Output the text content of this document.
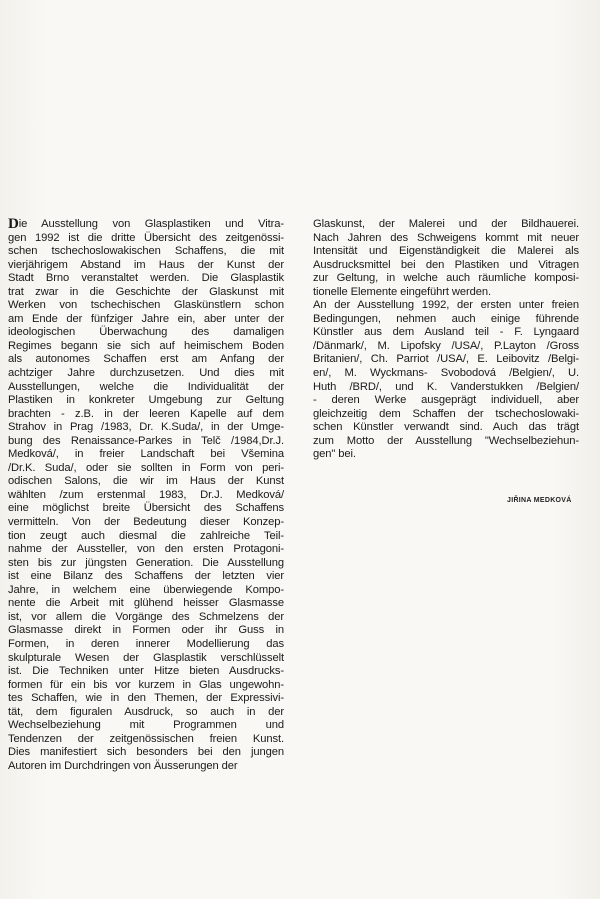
Die Ausstellung von Glasplastiken und Vitra-
gen 1992 ist die dritte Übersicht des zeitgenössi-
schen tschechoslowakischen Schaffens, die mit
vierjährigem Abstand im Haus der Kunst der
Stadt Brno veranstaltet werden. Die Glasplastik
trat zwar in die Geschichte der Glaskunst mit
Werken von tschechischen Glaskünstlern schon
am Ende der fünfziger Jahre ein, aber unter der
ideologischen Überwachung des damaligen
Regimes begann sie sich auf heimischem Boden
als autonomes Schaffen erst am Anfang der
achtziger Jahre durchzusetzen. Und dies mit
Ausstellungen, welche die Individualität der
Plastiken in konkreter Umgebung zur Geltung
brachten - z.B. in der leeren Kapelle auf dem
Strahov in Prag /1983, Dr. K.Suda/, in der Umge-
bung des Renaissance-Parkes in Telč /1984,Dr.J.
Medková/, in freier Landschaft bei Všemina
/Dr.K. Suda/, oder sie sollten in Form von peri-
odischen Salons, die wir im Haus der Kunst
wählten /zum erstenmal 1983, Dr.J. Medková/
eine möglichst breite Übersicht des Schaffens
vermitteln. Von der Bedeutung dieser Konzep-
tion zeugt auch diesmal die zahlreiche Teil-
nahme der Aussteller, von den ersten Protagoni-
sten bis zur jüngsten Generation. Die Ausstellung
ist eine Bilanz des Schaffens der letzten vier
Jahre, in welchem eine überwiegende Kompo-
nente die Arbeit mit glühend heisser Glasmasse
ist, vor allem die Vorgänge des Schmelzens der
Glasmasse direkt in Formen oder ihr Guss in
Formen, in deren innerer Modellierung das
skulpturale Wesen der Glasplastik verschlüsselt
ist. Die Techniken unter Hitze bieten Ausdrucks-
formen für ein bis vor kurzem in Glas ungewohn-
tes Schaffen, wie in den Themen, der Expressivi-
tät, dem figuralen Ausdruck, so auch in der
Wechselbeziehung mit Programmen und
Tendenzen der zeitgenössischen freien Kunst.
Dies manifestiert sich besonders bei den jungen
Autoren im Durchdringen von Äusserungen der
Glaskunst, der Malerei und der Bildhauerei.
Nach Jahren des Schweigens kommt mit neuer
Intensität und Eigenständigkeit die Malerei als
Ausdrucksmittel bei den Plastiken und Vitragen
zur Geltung, in welche auch räumliche komposi-
tionelle Elemente eingeführt werden.
An der Ausstellung 1992, der ersten unter freien
Bedingungen, nehmen auch einige führende
Künstler aus dem Ausland teil - F. Lyngaard
/Dänmark/, M. Lipofsky /USA/, P.Layton /Gross
Britanien/, Ch. Parriot /USA/, E. Leibovitz /Belgi-
en/, M. Wyckmans- Svobodová /Belgien/, U.
Huth /BRD/, und K. Vanderstukken /Belgien/
- deren Werke ausgeprägt individuell, aber
gleichzeitig dem Schaffen der tschechoslowaki-
schen Künstler verwandt sind. Auch das trägt
zum Motto der Ausstellung "Wechselbeziehun-
gen" bei.
JIŘINA MEDKOVÁ
